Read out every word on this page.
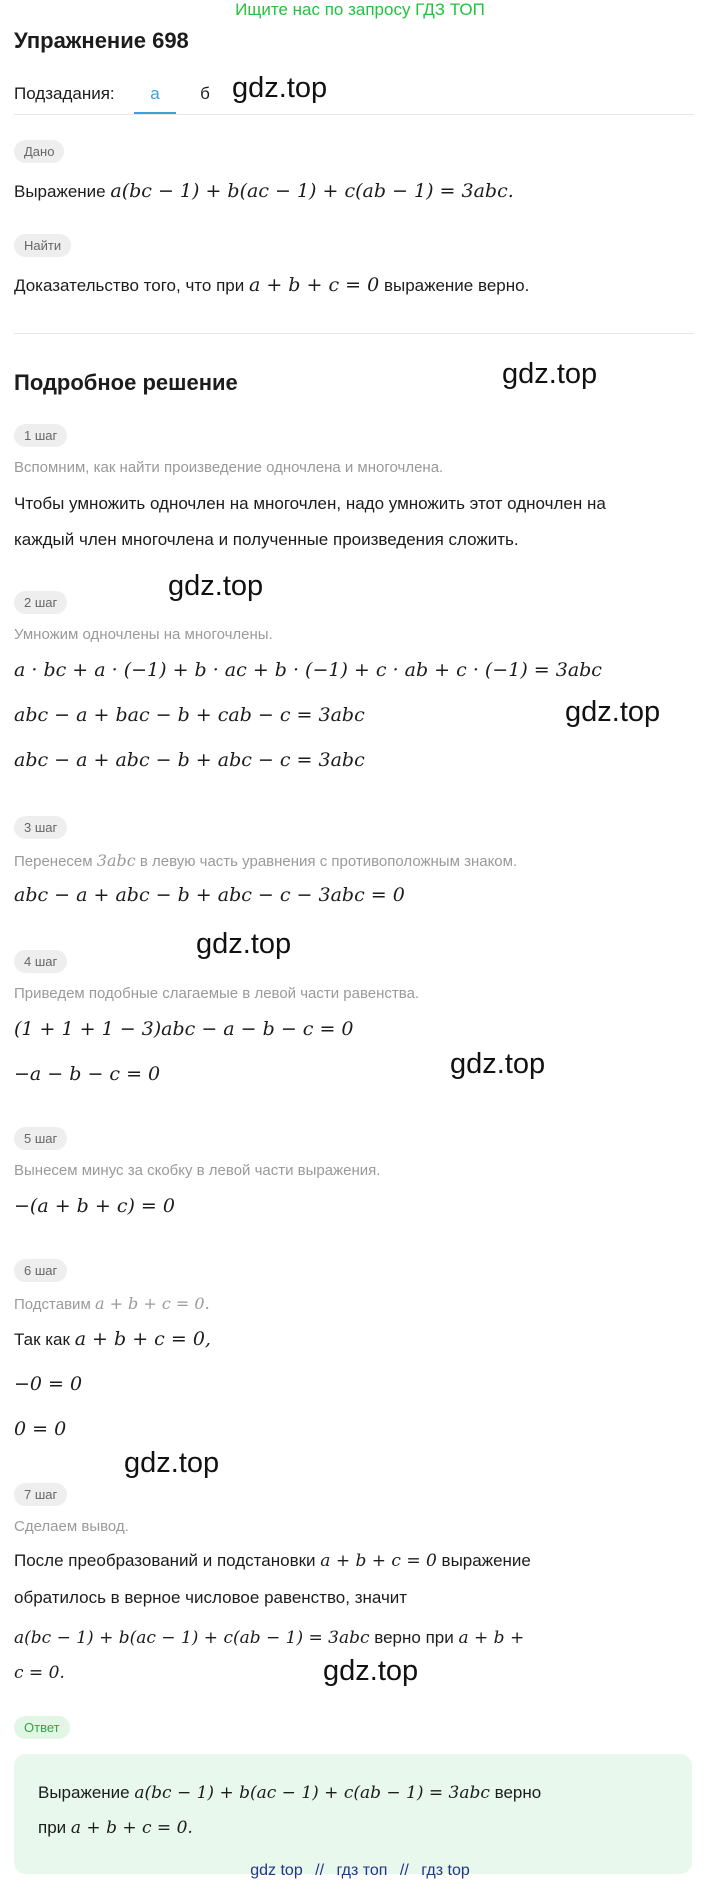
Ищите нас по запросу ГДЗ ТОП
Упражнение 698
Подзадания:	а	б gdz.top
gdz.top
gdz.top
gdz.top
gdz.top
gdz.top
gdz.top
gdz.top
Дано
Выражение a(bc − 1) + b(ac − 1) + c(ab − 1) = 3abc.
Найти
Доказательство того, что при a + b + c = 0 выражение верно.
Подробное решение
1 шаг
Вспомним, как найти произведение одночлена и многочлена.
Чтобы умножить одночлен на многочлен, надо умножить этот одночлен на
каждый член многочлена и полученные произведения сложить.
2 шаг
Умножим одночлены на многочлены.
a · bc + a · (−1) + b · ac + b · (−1) + c · ab + c · (−1) = 3abc
abc − a + bac − b + cab − c = 3abc
abc − a + abc − b + abc − c = 3abc
3 шаг
Перенесем 3abc в левую часть уравнения с противоположным знаком.
abc − a + abc − b + abc − c − 3abc = 0
4 шаг
Приведем подобные слагаемые в левой части равенства.
(1 + 1 + 1 − 3)abc − a − b − c = 0
−a − b − c = 0
5 шаг
Вынесем минус за скобку в левой части выражения.
−(a + b + c) = 0
6 шаг
Подставим a + b + c = 0.
Так как a + b + c = 0,
−0 = 0
0 = 0
7 шаг
Сделаем вывод.
После преобразований и подстановки a + b + c = 0 выражение
обратилось в верное числовое равенство, значит
a(bc − 1) + b(ac − 1) + c(ab − 1) = 3abc верно при a + b +
c = 0.
Ответ
Выражение a(bc − 1) + b(ac − 1) + c(ab − 1) = 3abc верно
при a + b + c = 0.
gdz top // гдз топ // гдз top
